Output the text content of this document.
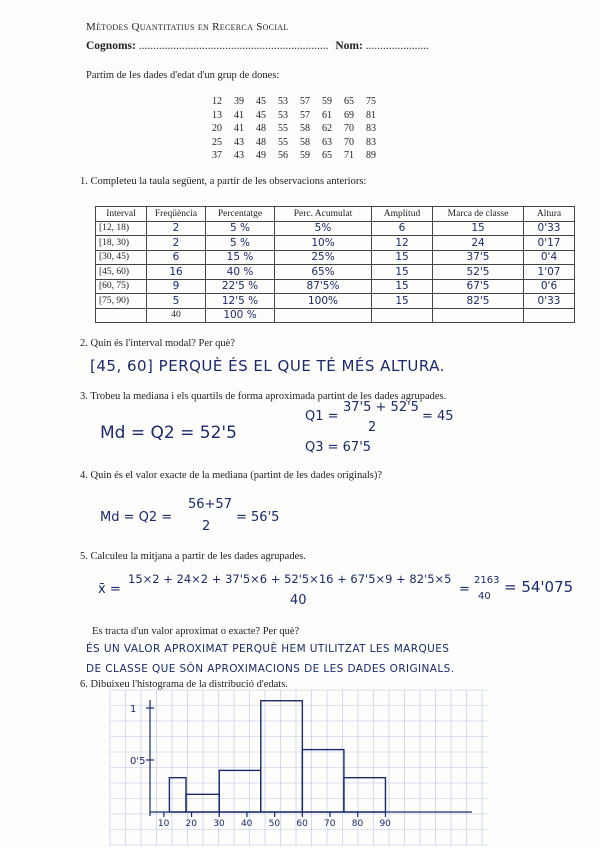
Mètodes Quantitatius en Recerca Social
Cognoms: .................................................................. Nom: ......................
Partim de les dades d'edat d'un grup de dones:
12 39 45 53 57 59 65 75
13 41 45 53 57 61 69 81
20 41 48 55 58 62 70 83
25 43 48 55 58 63 70 83
37 43 49 56 59 65 71 89
1. Completeu la taula següent, a partir de les observacions anteriors:
Interval	Freqüència	Percentatge	Perc. Acumulat	Amplitud	Marca de classe	Altura
[12, 18)	2	5 %	5%	6	15	0'33
[18, 30)	2	5 %	10%	12	24	0'17
[30, 45)	6	15 %	25%	15	37'5	0'4
[45, 60)	16	40 %	65%	15	52'5	1'07
[60, 75)	9	22'5 %	87'5%	15	67'5	0'6
[75, 90)	5	12'5 %	100%	15	82'5	0'33
	40	100 %				
2. Quin és l'interval modal? Per què?
[45, 60] PERQUÈ ÉS EL QUE TÉ MÉS ALTURA.
3. Trobeu la mediana i els quartils de forma aproximada partint de les dades agrupades.
Md = Q2 = 52'5
Q1 =
37'5 + 52'5
2
= 45
Q3 = 67'5
4. Quin és el valor exacte de la mediana (partint de les dades originals)?
Md = Q2 =
56+57
2
= 56'5
5. Calculeu la mitjana a partir de les dades agrupades.
x̄ =
15×2 + 24×2 + 37'5×6 + 52'5×16 + 67'5×9 + 82'5×5
40
=
2163
40
= 54'075
Es tracta d'un valor aproximat o exacte? Per què?
ÉS UN VALOR APROXIMAT PERQUÈ HEM UTILITZAT LES MARQUES
DE CLASSE QUE SÓN APROXIMACIONS DE LES DADES ORIGINALS.
6. Dibuixeu l'histograma de la distribució d'edats.
1
0'5
10 20 30 40 50 60 70 80 90
